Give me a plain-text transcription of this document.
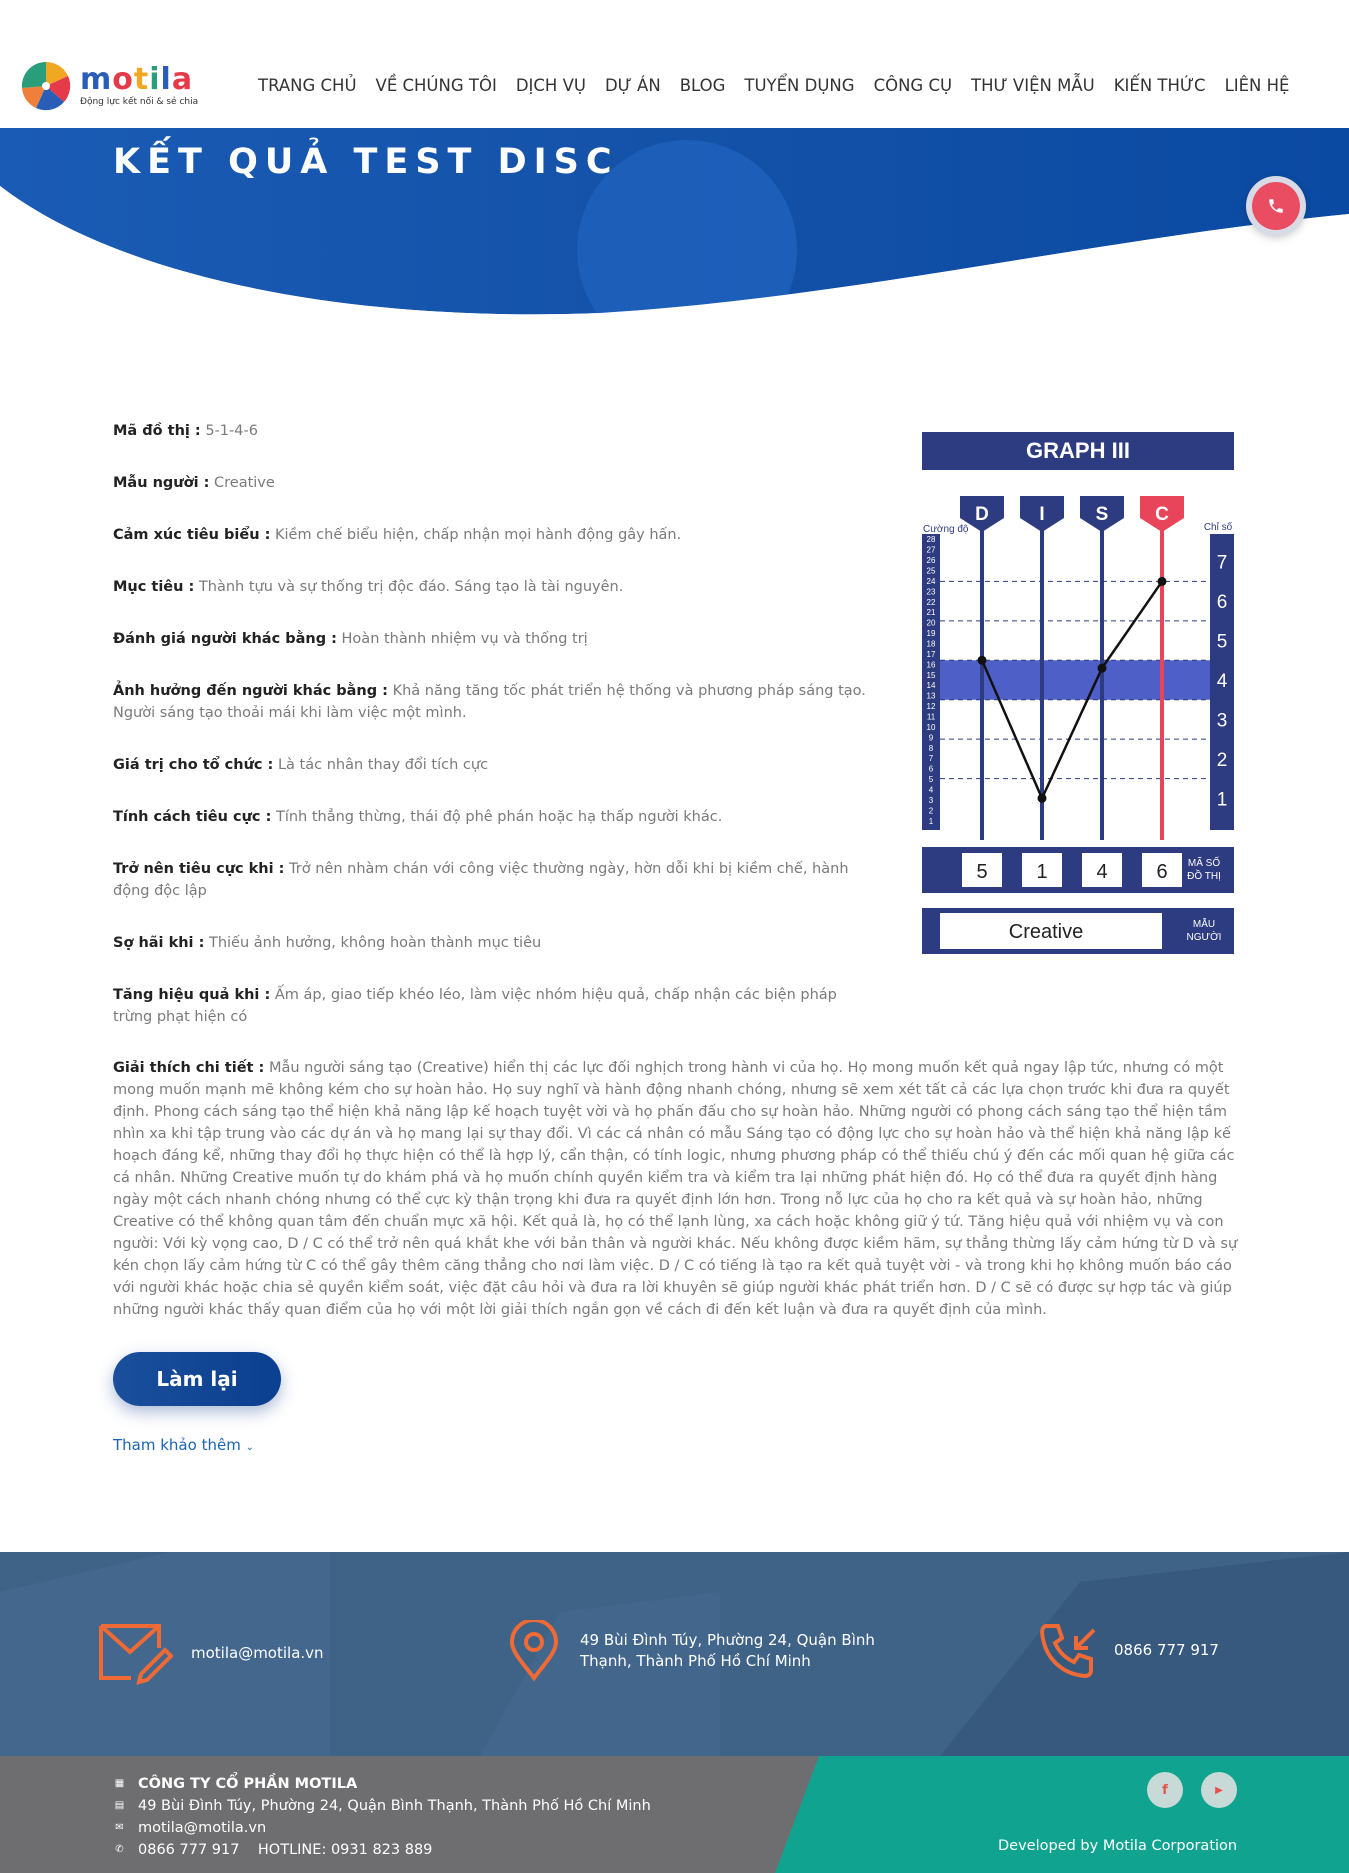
motila
Động lực kết nối & sẻ chia
TRANG CHỦ VỀ CHÚNG TÔI DỊCH VỤ DỰ ÁN BLOG TUYỂN DỤNG CÔNG CỤ THƯ VIỆN MẪU KIẾN THỨC LIÊN HỆ
KẾT QUẢ TEST DISC
Mã đồ thị : 5-1-4-6
Mẫu người : Creative
Cảm xúc tiêu biểu : Kiềm chế biểu hiện, chấp nhận mọi hành động gây hấn.
Mục tiêu : Thành tựu và sự thống trị độc đáo. Sáng tạo là tài nguyên.
Đánh giá người khác bằng : Hoàn thành nhiệm vụ và thống trị
Ảnh hưởng đến người khác bằng : Khả năng tăng tốc phát triển hệ thống và phương pháp sáng tạo. Người sáng tạo thoải mái khi làm việc một mình.
Giá trị cho tổ chức : Là tác nhân thay đổi tích cực
Tính cách tiêu cực : Tính thẳng thừng, thái độ phê phán hoặc hạ thấp người khác.
Trở nên tiêu cực khi : Trở nên nhàm chán với công việc thường ngày, hờn dỗi khi bị kiềm chế, hành động độc lập
Sợ hãi khi : Thiếu ảnh hưởng, không hoàn thành mục tiêu
Tăng hiệu quả khi : Ấm áp, giao tiếp khéo léo, làm việc nhóm hiệu quả, chấp nhận các biện pháp trừng phạt hiện có
Giải thích chi tiết : Mẫu người sáng tạo (Creative) hiển thị các lực đối nghịch trong hành vi của họ. Họ mong muốn kết quả ngay lập tức, nhưng có một mong muốn mạnh mẽ không kém cho sự hoàn hảo. Họ suy nghĩ và hành động nhanh chóng, nhưng sẽ xem xét tất cả các lựa chọn trước khi đưa ra quyết định. Phong cách sáng tạo thể hiện khả năng lập kế hoạch tuyệt vời và họ phấn đấu cho sự hoàn hảo. Những người có phong cách sáng tạo thể hiện tầm nhìn xa khi tập trung vào các dự án và họ mang lại sự thay đổi. Vì các cá nhân có mẫu Sáng tạo có động lực cho sự hoàn hảo và thể hiện khả năng lập kế hoạch đáng kể, những thay đổi họ thực hiện có thể là hợp lý, cẩn thận, có tính logic, nhưng phương pháp có thể thiếu chú ý đến các mối quan hệ giữa các cá nhân. Những Creative muốn tự do khám phá và họ muốn chính quyền kiểm tra và kiểm tra lại những phát hiện đó. Họ có thể đưa ra quyết định hàng ngày một cách nhanh chóng nhưng có thể cực kỳ thận trọng khi đưa ra quyết định lớn hơn. Trong nỗ lực của họ cho ra kết quả và sự hoàn hảo, những Creative có thể không quan tâm đến chuẩn mực xã hội. Kết quả là, họ có thể lạnh lùng, xa cách hoặc không giữ ý tứ. Tăng hiệu quả với nhiệm vụ và con người: Với kỳ vọng cao, D / C có thể trở nên quá khắt khe với bản thân và người khác. Nếu không được kiềm hãm, sự thẳng thừng lấy cảm hứng từ D và sự kén chọn lấy cảm hứng từ C có thể gây thêm căng thẳng cho nơi làm việc. D / C có tiếng là tạo ra kết quả tuyệt vời - và trong khi họ không muốn báo cáo với người khác hoặc chia sẻ quyền kiểm soát, việc đặt câu hỏi và đưa ra lời khuyên sẽ giúp người khác phát triển hơn. D / C sẽ có được sự hợp tác và giúp những người khác thấy quan điểm của họ với một lời giải thích ngắn gọn về cách đi đến kết luận và đưa ra quyết định của mình.
Làm lại
Tham khảo thêm ⌄
GRAPH III
1
2
3
4
5
6
7
8
9
10
11
12
13
14
15
16
17
18
19
20
21
22
23
24
25
26
27
28
Cường độ
1
2
3
4
5
6
7
Chỉ số
D	I	S C
5 1 4 6 MÃ SỐ
ĐỒ THỊ
Creative	MẪU
NGƯỜI
motila@motila.vn
49 Bùi Đình Túy, Phường 24, Quận Bình Thạnh, Thành Phố Hồ Chí Minh
0866 777 917
▦ CÔNG TY CỔ PHẦN MOTILA
▤ 49 Bùi Đình Túy, Phường 24, Quận Bình Thạnh, Thành Phố Hồ Chí Minh
✉ motila@motila.vn
✆ 0866 777 917    HOTLINE: 0931 823 889
f	▶
Developed by Motila Corporation
